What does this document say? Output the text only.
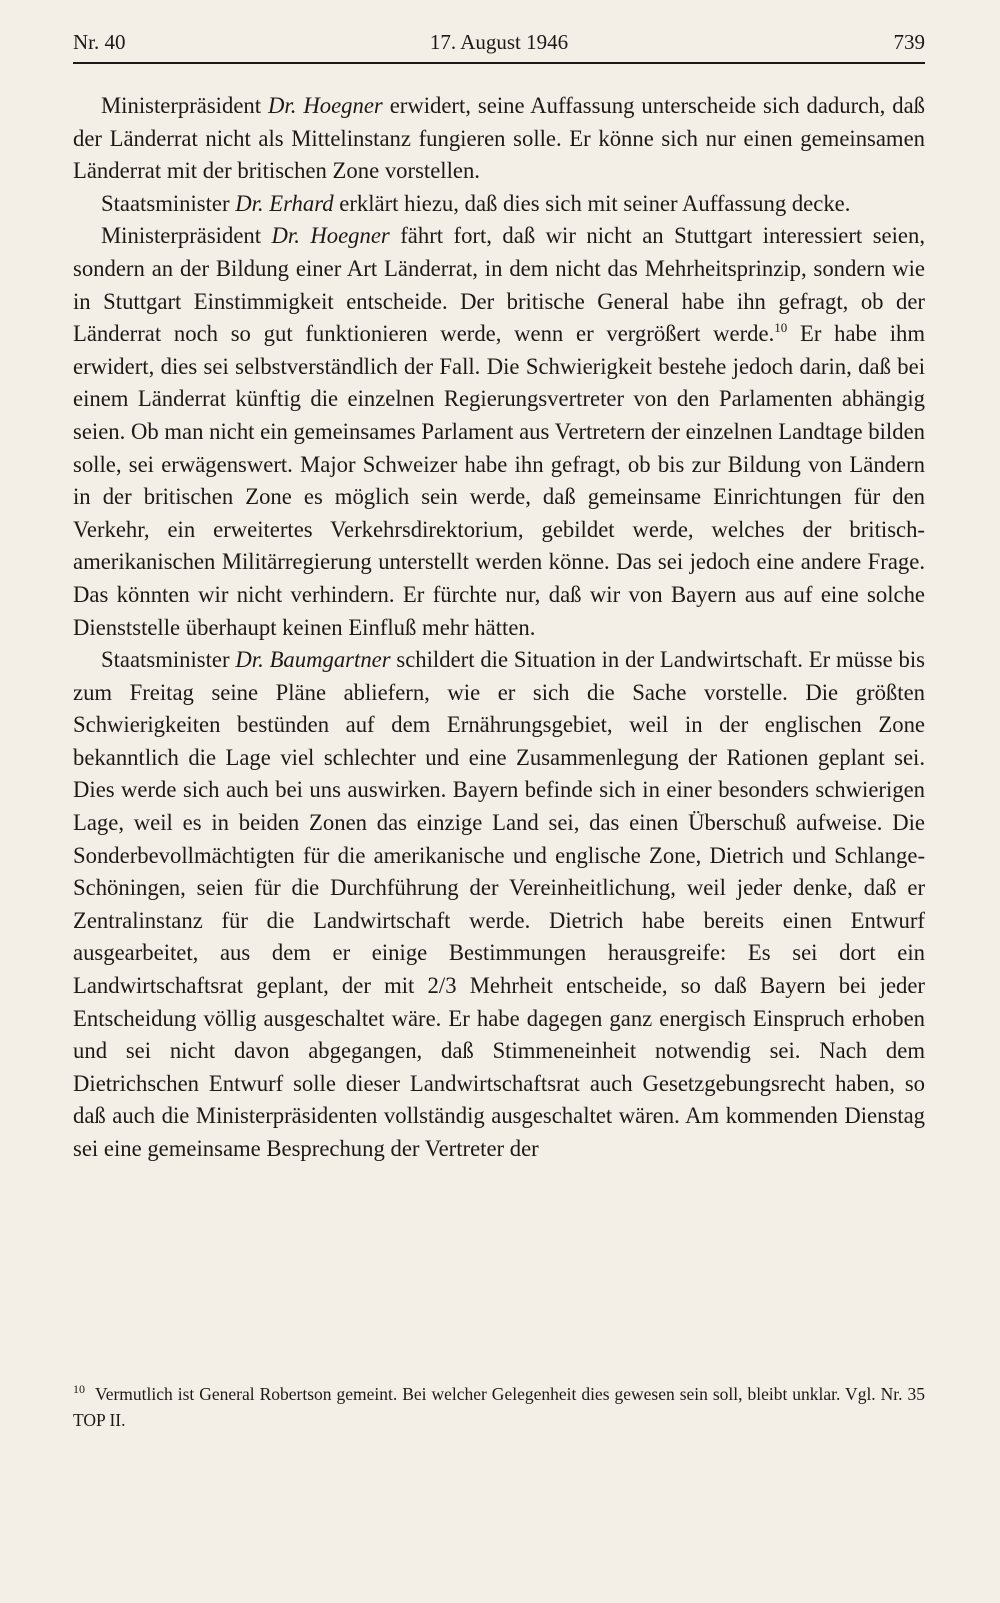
Nr. 40	17. August 1946	739

Ministerpräsident Dr. Hoegner erwidert, seine Auffassung unterscheide sich dadurch, daß der Länderrat nicht als Mittelinstanz fungieren solle. Er könne sich nur einen gemeinsamen Länderrat mit der britischen Zone vorstellen.

Staatsminister Dr. Erhard erklärt hiezu, daß dies sich mit seiner Auffassung decke.

Ministerpräsident Dr. Hoegner fährt fort, daß wir nicht an Stuttgart interessiert seien, sondern an der Bildung einer Art Länderrat, in dem nicht das Mehrheitsprinzip, sondern wie in Stuttgart Einstimmigkeit entscheide. Der britische General habe ihn gefragt, ob der Länderrat noch so gut funktionieren werde, wenn er vergrößert werde.$^{10}$ Er habe ihm erwidert, dies sei selbstverständlich der Fall. Die Schwierigkeit bestehe jedoch darin, daß bei einem Länderrat künftig die einzelnen Regierungsvertreter von den Parlamenten abhängig seien. Ob man nicht ein gemeinsames Parlament aus Vertretern der einzelnen Landtage bilden solle, sei erwägenswert. Major Schweizer habe ihn gefragt, ob bis zur Bildung von Ländern in der britischen Zone es möglich sein werde, daß gemeinsame Einrichtungen für den Verkehr, ein erweitertes Verkehrsdirektorium, gebildet werde, welches der britisch-amerikanischen Militärregierung unterstellt werden könne. Das sei jedoch eine andere Frage. Das könnten wir nicht verhindern. Er fürchte nur, daß wir von Bayern aus auf eine solche Dienststelle überhaupt keinen Einfluß mehr hätten.

Staatsminister Dr. Baumgartner schildert die Situation in der Landwirtschaft. Er müsse bis zum Freitag seine Pläne abliefern, wie er sich die Sache vorstelle. Die größten Schwierigkeiten bestünden auf dem Ernährungsgebiet, weil in der englischen Zone bekanntlich die Lage viel schlechter und eine Zusammenlegung der Rationen geplant sei. Dies werde sich auch bei uns auswirken. Bayern befinde sich in einer besonders schwierigen Lage, weil es in beiden Zonen das einzige Land sei, das einen Überschuß aufweise. Die Sonderbevollmächtigten für die amerikanische und englische Zone, Dietrich und Schlange-Schöningen, seien für die Durchführung der Vereinheitlichung, weil jeder denke, daß er Zentralinstanz für die Landwirtschaft werde. Dietrich habe bereits einen Entwurf ausgearbeitet, aus dem er einige Bestimmungen herausgreife: Es sei dort ein Landwirtschaftsrat geplant, der mit 2/3 Mehrheit entscheide, so daß Bayern bei jeder Entscheidung völlig ausgeschaltet wäre. Er habe dagegen ganz energisch Einspruch erhoben und sei nicht davon abgegangen, daß Stimmeneinheit notwendig sei. Nach dem Dietrichschen Entwurf solle dieser Landwirtschaftsrat auch Gesetzgebungsrecht haben, so daß auch die Ministerpräsidenten vollständig ausgeschaltet wären. Am kommenden Dienstag sei eine gemeinsame Besprechung der Vertreter der

$^{10}$ Vermutlich ist General Robertson gemeint. Bei welcher Gelegenheit dies gewesen sein soll, bleibt unklar. Vgl. Nr. 35 TOP II.
